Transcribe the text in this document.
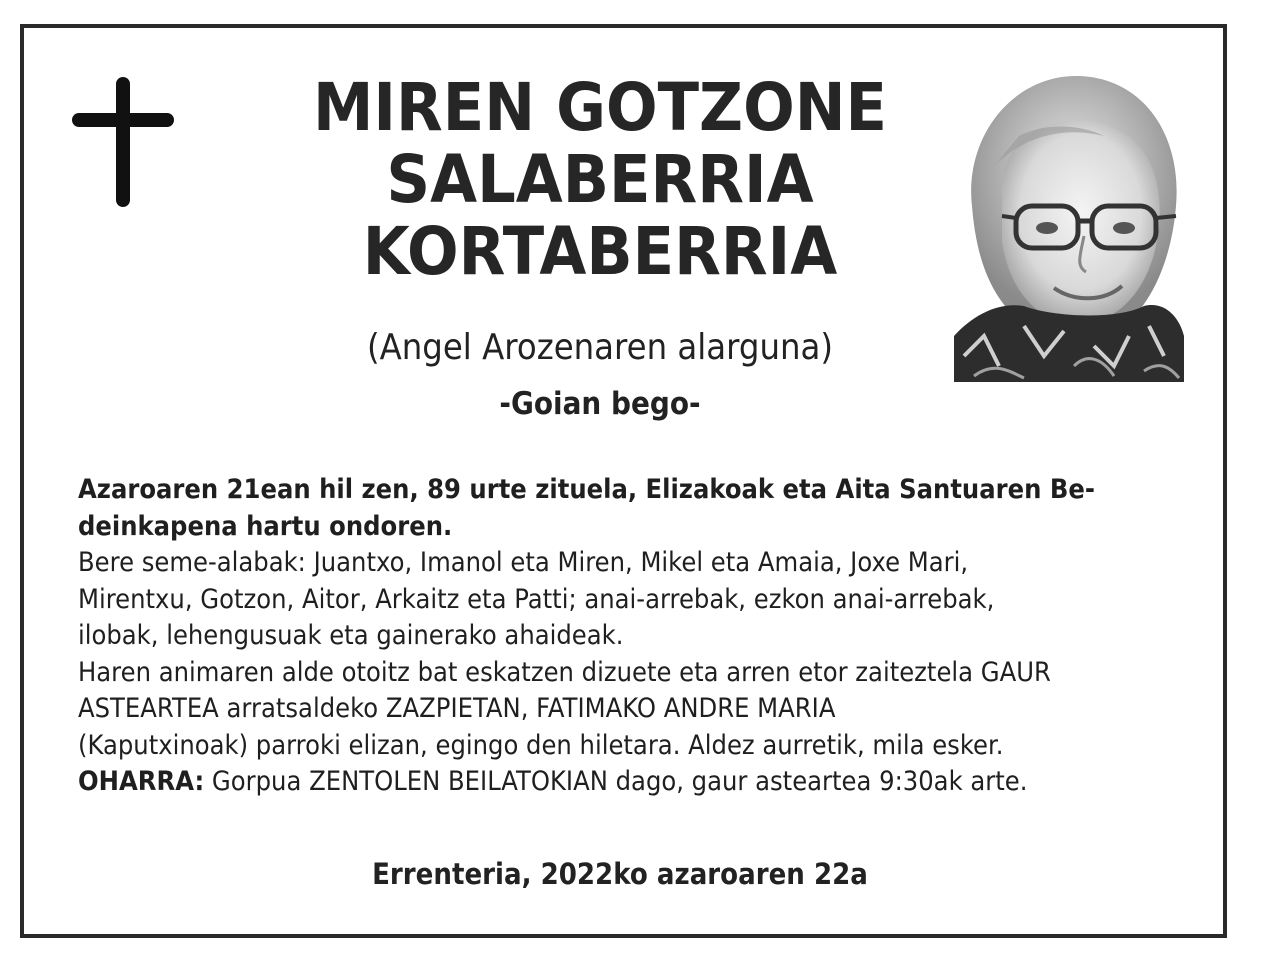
MIREN GOTZONE
SALABERRIA
KORTABERRIA
(Angel Arozenaren alarguna)
-Goian bego-

Azaroaren 21ean hil zen, 89 urte zituela, Elizakoak eta Aita Santuaren Be-
deinkapena hartu ondoren.

Bere seme-alabak: Juantxo, Imanol eta Miren, Mikel eta Amaia, Joxe Mari,
Mirentxu, Gotzon, Aitor, Arkaitz eta Patti; anai-arrebak, ezkon anai-arrebak,
ilobak, lehengusuak eta gainerako ahaideak.

Haren animaren alde otoitz bat eskatzen dizuete eta arren etor zaiteztela GAUR
ASTEARTEA arratsaldeko ZAZPIETAN, FATIMAKO ANDRE MARIA
(Kaputxinoak) parroki elizan, egingo den hiletara. Aldez aurretik, mila esker.

OHARRA: Gorpua ZENTOLEN BEILATOKIAN dago, gaur asteartea 9:30ak arte.

Errenteria, 2022ko azaroaren 22a
